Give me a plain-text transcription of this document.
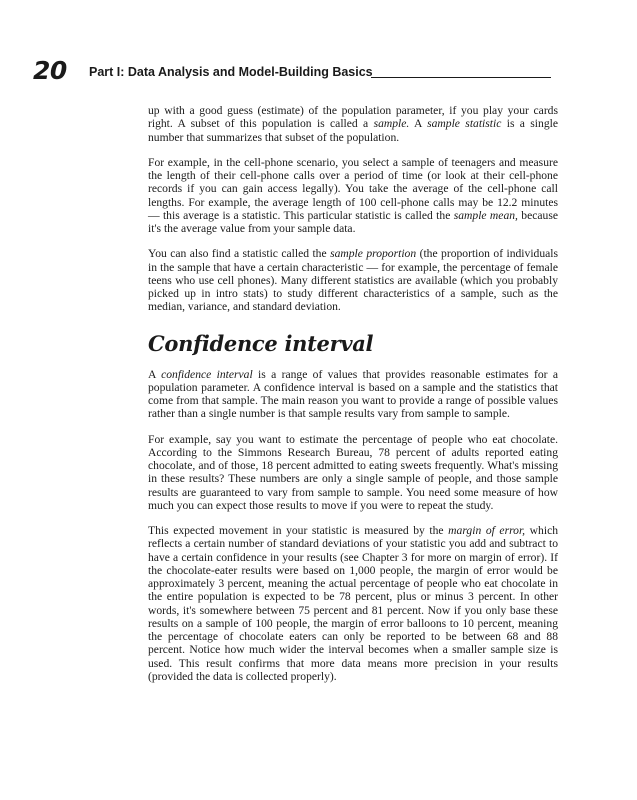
20 Part I: Data Analysis and Model-Building Basics

up with a good guess (estimate) of the population parameter, if you play your cards right. A subset of this population is called a sample. A sample statistic is a single number that summarizes that subset of the population.

For example, in the cell-phone scenario, you select a sample of teenagers and measure the length of their cell-phone calls over a period of time (or look at their cell-phone records if you can gain access legally). You take the average of the cell-phone call lengths. For example, the average length of 100 cell-phone calls may be 12.2 minutes — this average is a statistic. This particular statistic is called the sample mean, because it's the average value from your sample data.

You can also find a statistic called the sample proportion (the proportion of individuals in the sample that have a certain characteristic — for example, the percentage of female teens who use cell phones). Many different statistics are available (which you probably picked up in intro stats) to study different characteristics of a sample, such as the median, variance, and standard deviation.

Confidence interval

A confidence interval is a range of values that provides reasonable estimates for a population parameter. A confidence interval is based on a sample and the statistics that come from that sample. The main reason you want to provide a range of possible values rather than a single number is that sample results vary from sample to sample.

For example, say you want to estimate the percentage of people who eat chocolate. According to the Simmons Research Bureau, 78 percent of adults reported eating chocolate, and of those, 18 percent admitted to eating sweets frequently. What's missing in these results? These numbers are only a single sample of people, and those sample results are guaranteed to vary from sample to sample. You need some measure of how much you can expect those results to move if you were to repeat the study.

This expected movement in your statistic is measured by the margin of error, which reflects a certain number of standard deviations of your statistic you add and subtract to have a certain confidence in your results (see Chapter 3 for more on margin of error). If the chocolate-eater results were based on 1,000 people, the margin of error would be approximately 3 percent, meaning the actual percentage of people who eat chocolate in the entire population is expected to be 78 percent, plus or minus 3 percent. In other words, it's somewhere between 75 percent and 81 percent. Now if you only base these results on a sample of 100 people, the margin of error balloons to 10 percent, meaning the percentage of chocolate eaters can only be reported to be between 68 and 88 percent. Notice how much wider the interval becomes when a smaller sample size is used. This result confirms that more data means more precision in your results (provided the data is collected properly).
